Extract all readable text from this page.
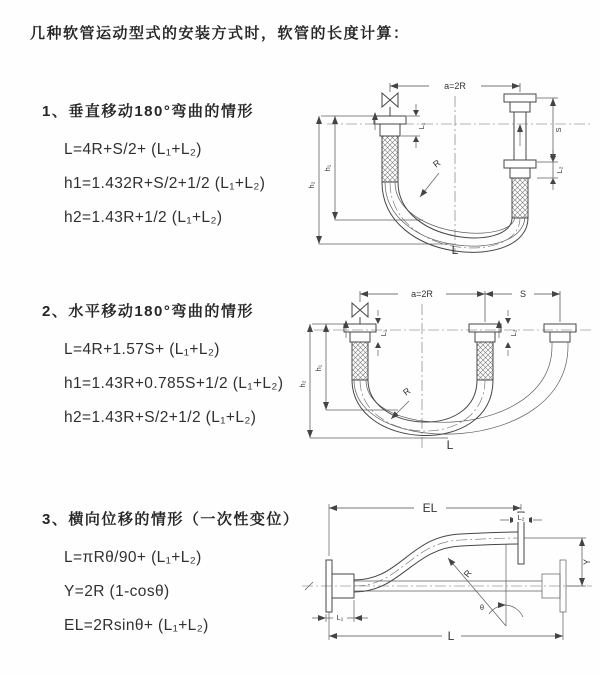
几种软管运动型式的安装方式时，软管的长度计算：
1、垂直移动180°弯曲的情形
L=4R+S/2+ (L₁+L₂)
h1=1.432R+S/2+1/2 (L₁+L₂)
h2=1.43R+1/2 (L₁+L₂)
a=2R
L₁
S
L₂
h₁
h₂
R
L
2、水平移动180°弯曲的情形
L=4R+1.57S+ (L₁+L₂)
h1=1.43R+0.785S+1/2 (L₁+L₂)
h2=1.43R+S/2+1/2 (L₁+L₂)
a=2R	S
L₁	L₂
h₁
h₂
R
L
3、横向位移的情形（一次性变位）
L=πRθ/90+ (L₁+L₂)
Y=2R (1-cosθ)
EL=2Rsinθ+ (L₁+L₂)
EL
L₂
Y
R
θ
L
L₁
